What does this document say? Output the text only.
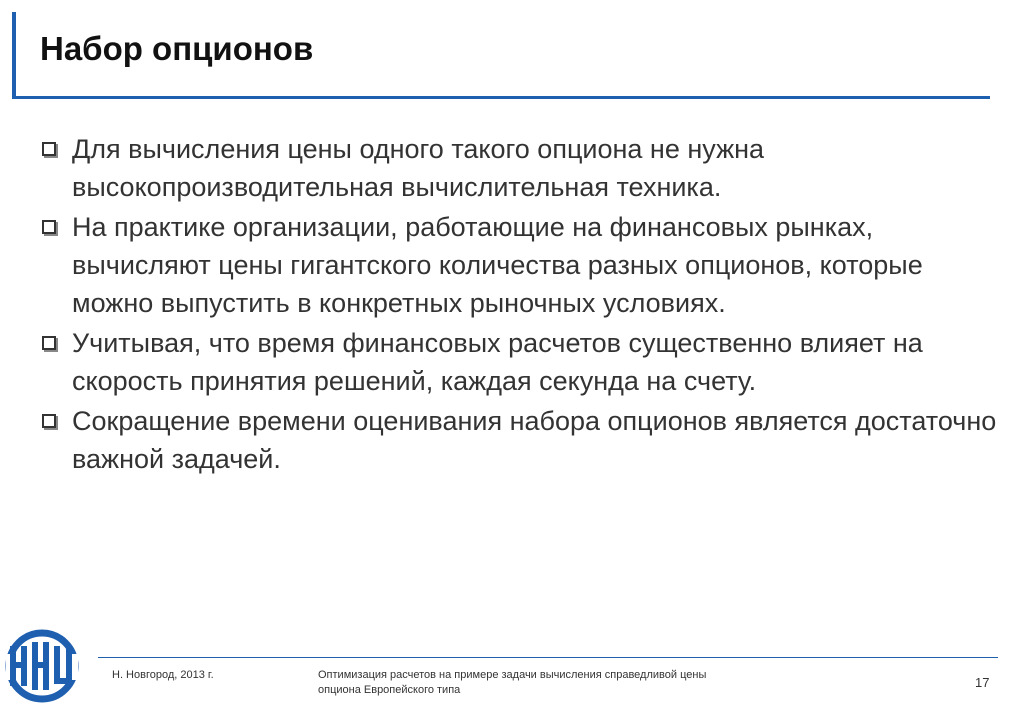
Набор опционов
Для вычисления цены одного такого опциона не нужна высокопроизводительная вычислительная техника.
На практике организации, работающие на финансовых рынках, вычисляют цены гигантского количества разных опционов, которые можно выпустить в конкретных рыночных условиях.
Учитывая, что время финансовых расчетов существенно влияет на скорость принятия решений, каждая секунда на счету.
Сокращение времени оценивания набора опционов является достаточно важной задачей.
Н. Новгород, 2013 г.	Оптимизация расчетов на примере задачи вычисления справедливой цены
опциона Европейского типа	17
